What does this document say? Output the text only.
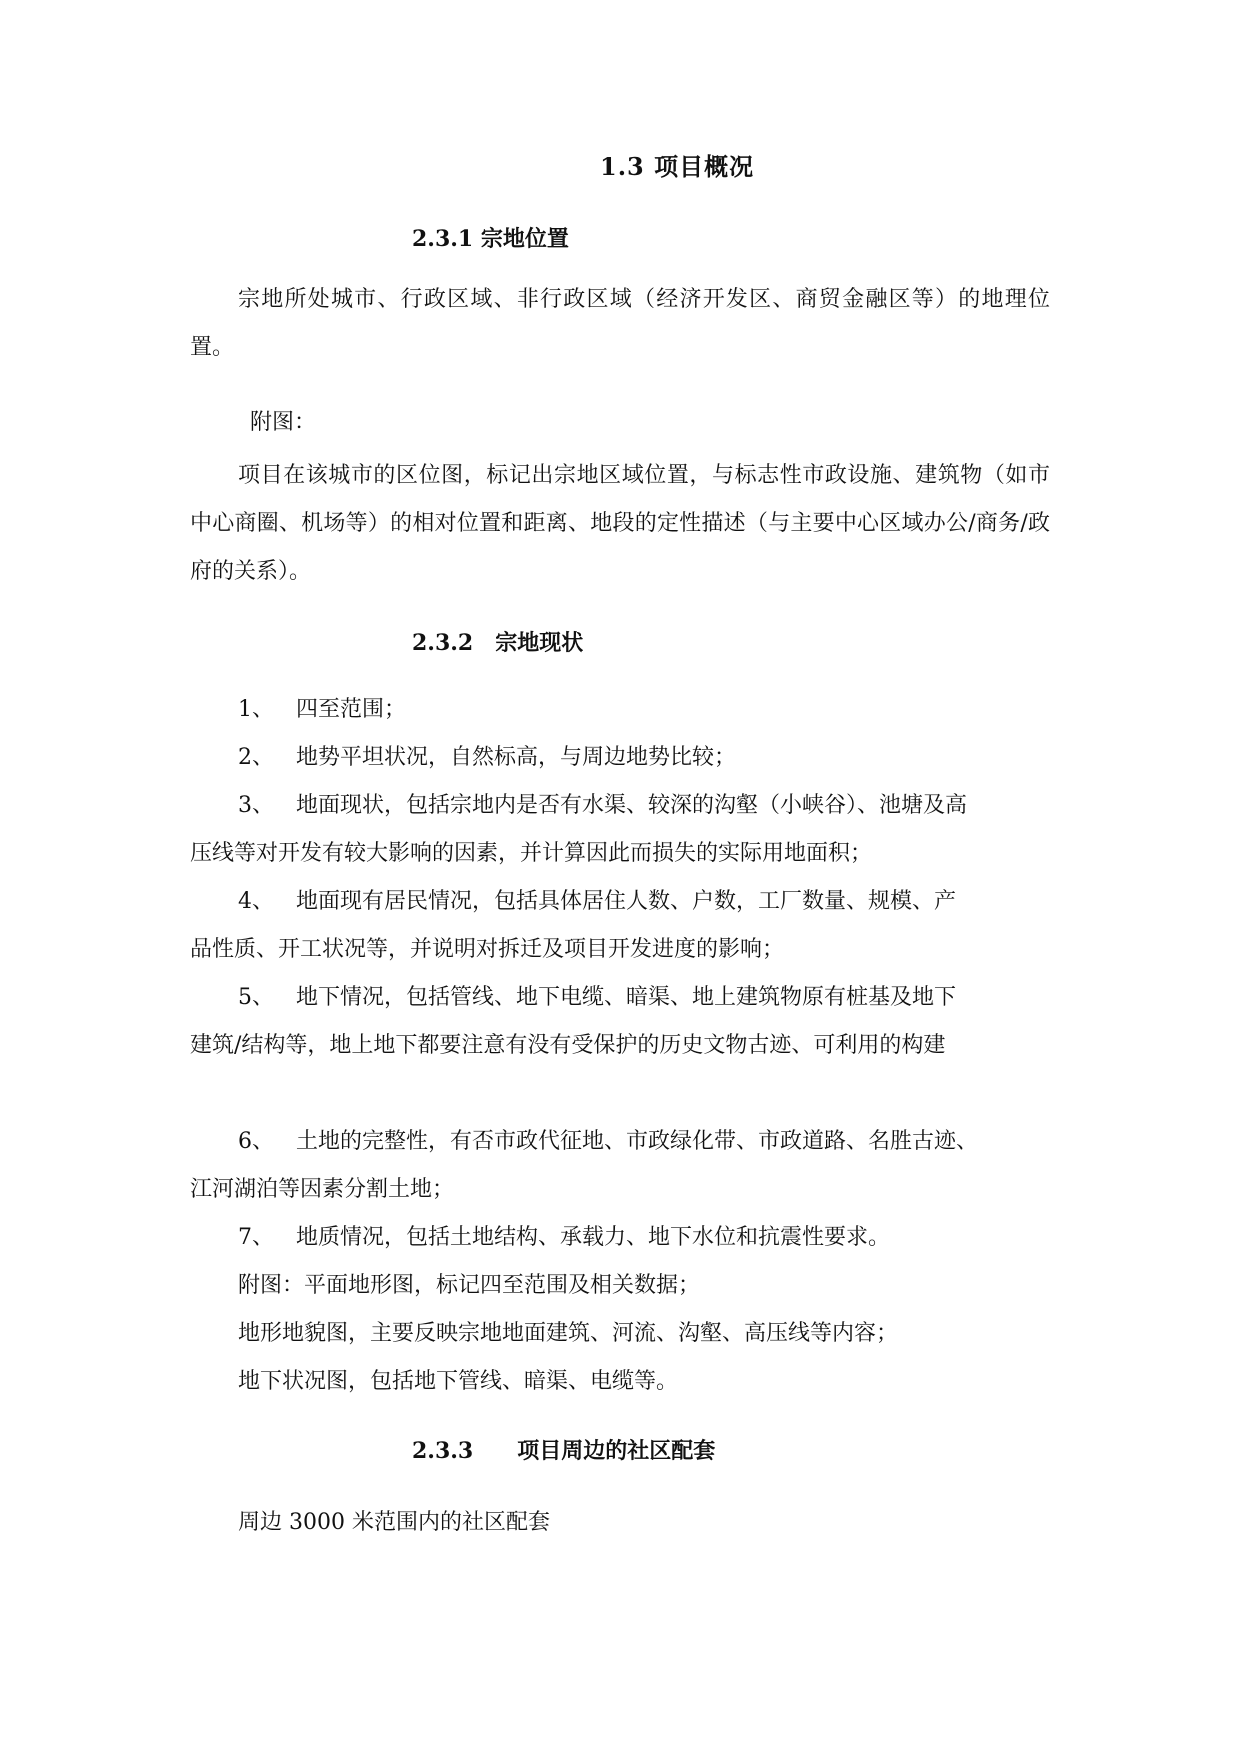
1.3 项目概况
2.3.1 宗地位置
宗地所处城市、行政区域、非行政区域（经济开发区、商贸金融区等）的地理位置。
附图：
项目在该城市的区位图，标记出宗地区域位置，与标志性市政设施、建筑物（如市中心商圈、机场等）的相对位置和距离、地段的定性描述（与主要中心区域办公/商务/政府的关系）。
2.3.2　宗地现状
1、 四至范围；
2、 地势平坦状况，自然标高，与周边地势比较；
3、 地面现状，包括宗地内是否有水渠、较深的沟壑（小峡谷）、池塘及高
压线等对开发有较大影响的因素，并计算因此而损失的实际用地面积；
4、 地面现有居民情况，包括具体居住人数、户数，工厂数量、规模、产
品性质、开工状况等，并说明对拆迁及项目开发进度的影响；
5、 地下情况，包括管线、地下电缆、暗渠、地上建筑物原有桩基及地下
建筑/结构等，地上地下都要注意有没有受保护的历史文物古迹、可利用的构建
6、 土地的完整性，有否市政代征地、市政绿化带、市政道路、名胜古迹、
江河湖泊等因素分割土地；
7、 地质情况，包括土地结构、承载力、地下水位和抗震性要求。
附图：平面地形图，标记四至范围及相关数据；
地形地貌图，主要反映宗地地面建筑、河流、沟壑、高压线等内容；
地下状况图，包括地下管线、暗渠、电缆等。
2.3.3　　项目周边的社区配套
周边 3000 米范围内的社区配套
